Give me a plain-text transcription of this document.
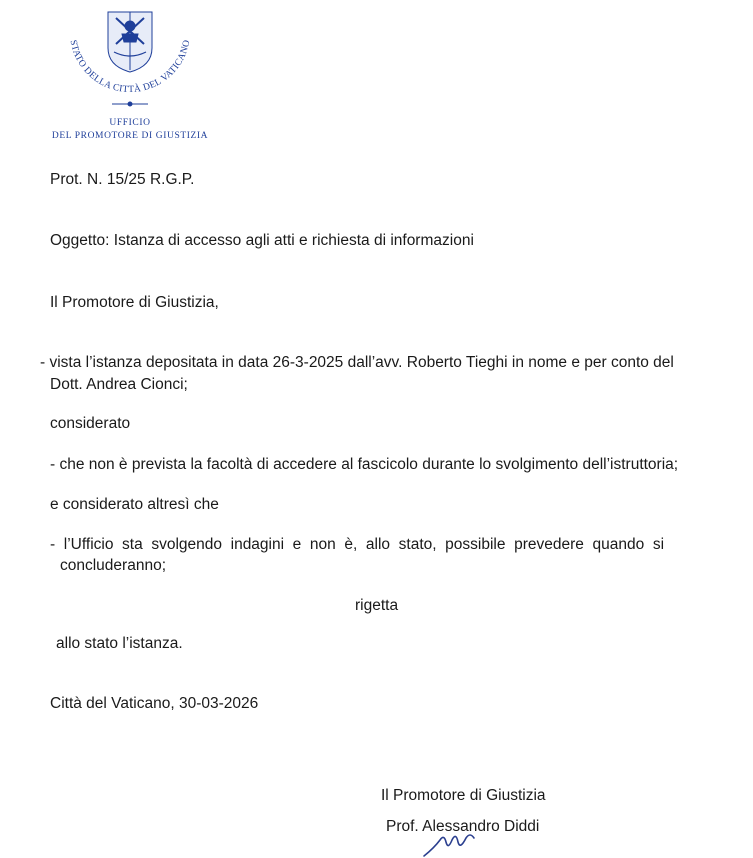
STATO DELLA CITTÀ DEL VATICANO
UFFICIO
DEL PROMOTORE DI GIUSTIZIA
Prot. N. 15/25 R.G.P.
Oggetto: Istanza di accesso agli atti e richiesta di informazioni
Il Promotore di Giustizia,
- vista l’istanza depositata in data 26-3-2025 dall’avv. Roberto Tieghi in nome e per conto del
Dott. Andrea Cionci;
considerato
- che non è prevista la facoltà di accedere al fascicolo durante lo svolgimento dell’istruttoria;
e considerato altresì che
-  l’Ufficio  sta  svolgendo  indagini  e  non  è,  allo  stato,  possibile  prevedere  quando  si
concluderanno;
rigetta
allo stato l’istanza.
Città del Vaticano, 30-03-2026
Il Promotore di Giustizia
Prof. Alessandro Diddi
